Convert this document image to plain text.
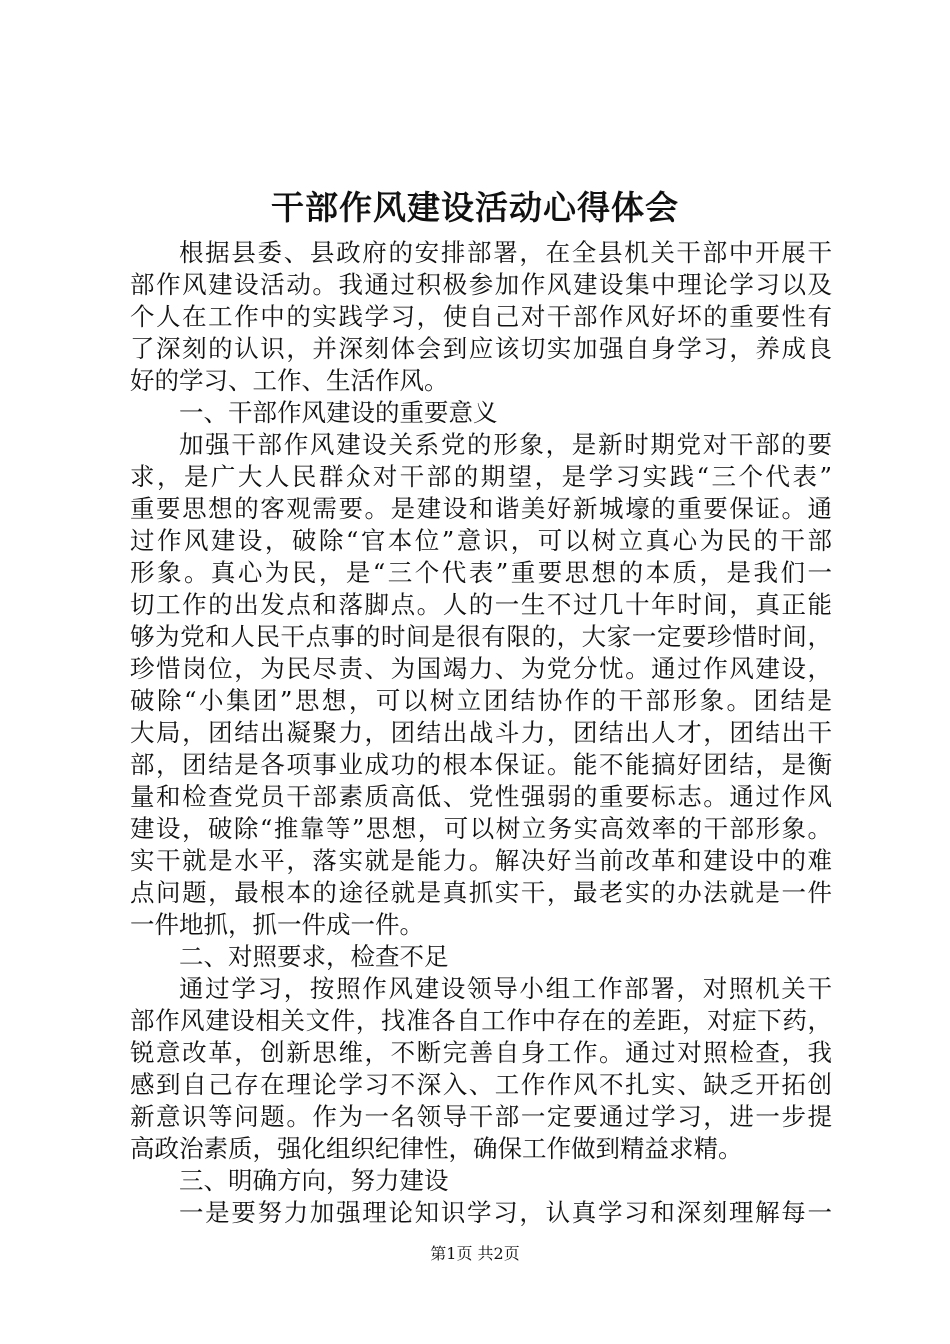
干部作风建设活动心得体会
根据县委、县政府的安排部署，在全县机关干部中开展干
部作风建设活动。我通过积极参加作风建设集中理论学习以及
个人在工作中的实践学习，使自己对干部作风好坏的重要性有
了深刻的认识，并深刻体会到应该切实加强自身学习，养成良
好的学习、工作、生活作风。
一、干部作风建设的重要意义
加强干部作风建设关系党的形象，是新时期党对干部的要
求，是广大人民群众对干部的期望，是学习实践“三个代表”
重要思想的客观需要。是建设和谐美好新城壕的重要保证。通
过作风建设，破除“官本位”意识，可以树立真心为民的干部
形象。真心为民，是“三个代表”重要思想的本质，是我们一
切工作的出发点和落脚点。人的一生不过几十年时间，真正能
够为党和人民干点事的时间是很有限的，大家一定要珍惜时间，
珍惜岗位，为民尽责、为国竭力、为党分忧。通过作风建设，
破除“小集团”思想，可以树立团结协作的干部形象。团结是
大局，团结出凝聚力，团结出战斗力，团结出人才，团结出干
部，团结是各项事业成功的根本保证。能不能搞好团结，是衡
量和检查党员干部素质高低、党性强弱的重要标志。通过作风
建设，破除“推靠等”思想，可以树立务实高效率的干部形象。
实干就是水平，落实就是能力。解决好当前改革和建设中的难
点问题，最根本的途径就是真抓实干，最老实的办法就是一件
一件地抓，抓一件成一件。
二、对照要求，检查不足
通过学习，按照作风建设领导小组工作部署，对照机关干
部作风建设相关文件，找准各自工作中存在的差距，对症下药，
锐意改革，创新思维，不断完善自身工作。通过对照检查，我
感到自己存在理论学习不深入、工作作风不扎实、缺乏开拓创
新意识等问题。作为一名领导干部一定要通过学习，进一步提
高政治素质，强化组织纪律性，确保工作做到精益求精。
三、明确方向，努力建设
一是要努力加强理论知识学习，认真学习和深刻理解每一
第1页 共2页
